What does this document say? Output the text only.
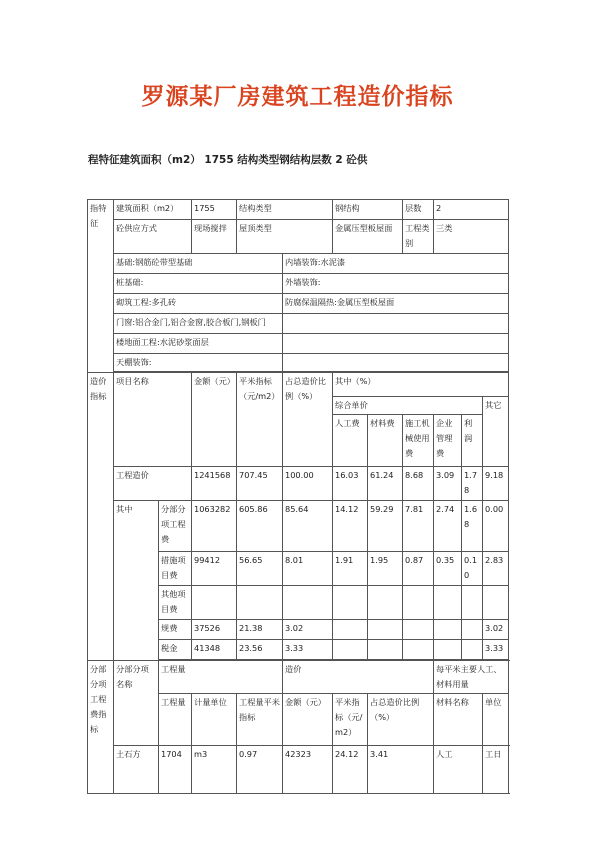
罗源某厂房建筑工程造价指标
程特征建筑面积（m2） 1755 结构类型钢结构层数 2 砼供
指特征	建筑面积（m2）		1755	结构类型		钢结构		层数	2			
	砼供应方式		现场搅拌	屋顶类型		金属压型板屋面		工程类别	三类			
	基础:钢筋砼带型基础				内墙装饰:水泥漆							
	桩基础:				外墙装饰:							
	砌筑工程:多孔砖				防腐保温隔热:金属压型板屋面							
	门窗:铝合金门,铝合金窗,胶合板门,钢板门											
	楼地面工程:水泥砂浆面层											
	天棚装饰:											

造价指标	项目名称		金额（元）	平米指标（元/m2）	占总造价比例（%）	其中（%）						
						综合单价					其它	
						人工费	材料费	施工机械使用费	企业管理费	利润		
	工程造价		1241568	707.45	100.00	16.03	61.24	8.68	3.09	1.78	9.18	
	其中	分部分项工程费	1063282	605.86	85.64	14.12	59.29	7.81	2.74	1.68	0.00	
		措施项目费	99412	56.65	8.01	1.91	1.95	0.87	0.35	0.10	2.83	
		其他项目费										
		规费	37526	21.38	3.02						3.02	
		税金	41348	23.56	3.33						3.33	

分部分项工程费指标	分部分项名称	工程量			造价				每平米主要人工、材料用量			
		工程量	计量单位	工程量平米指标	金额（元）	平米指标（元/m2）	占总造价比例（%）		材料名称		单位	
	土石方	1704	m3	0.97	42323	24.12	3.41		人工		工日	
